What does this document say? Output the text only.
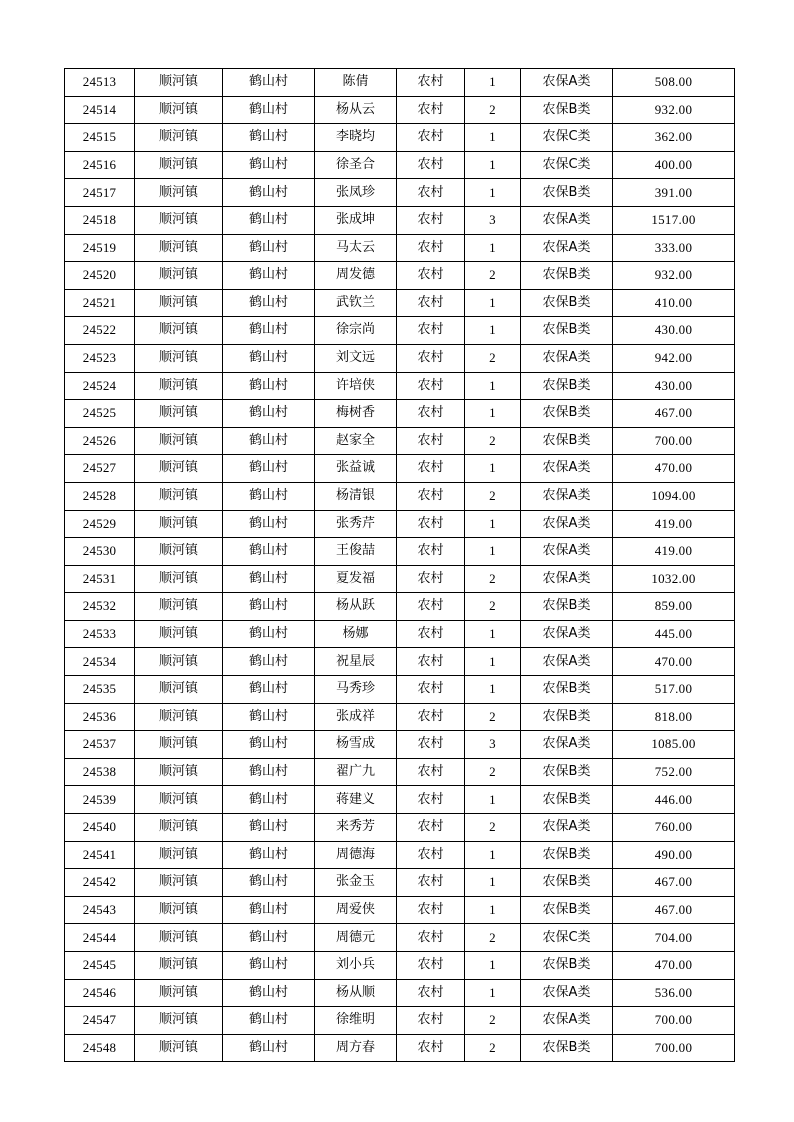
24513	顺河镇	鹤山村	陈倩	农村	1	农保A类	508.00
24514	顺河镇	鹤山村	杨从云	农村	2	农保B类	932.00
24515	顺河镇	鹤山村	李晓均	农村	1	农保C类	362.00
24516	顺河镇	鹤山村	徐圣合	农村	1	农保C类	400.00
24517	顺河镇	鹤山村	张凤珍	农村	1	农保B类	391.00
24518	顺河镇	鹤山村	张成坤	农村	3	农保A类	1517.00
24519	顺河镇	鹤山村	马太云	农村	1	农保A类	333.00
24520	顺河镇	鹤山村	周发德	农村	2	农保B类	932.00
24521	顺河镇	鹤山村	武钦兰	农村	1	农保B类	410.00
24522	顺河镇	鹤山村	徐宗尚	农村	1	农保B类	430.00
24523	顺河镇	鹤山村	刘文远	农村	2	农保A类	942.00
24524	顺河镇	鹤山村	许培侠	农村	1	农保B类	430.00
24525	顺河镇	鹤山村	梅树香	农村	1	农保B类	467.00
24526	顺河镇	鹤山村	赵家全	农村	2	农保B类	700.00
24527	顺河镇	鹤山村	张益诚	农村	1	农保A类	470.00
24528	顺河镇	鹤山村	杨清银	农村	2	农保A类	1094.00
24529	顺河镇	鹤山村	张秀芹	农村	1	农保A类	419.00
24530	顺河镇	鹤山村	王俊喆	农村	1	农保A类	419.00
24531	顺河镇	鹤山村	夏发福	农村	2	农保A类	1032.00
24532	顺河镇	鹤山村	杨从跃	农村	2	农保B类	859.00
24533	顺河镇	鹤山村	杨娜	农村	1	农保A类	445.00
24534	顺河镇	鹤山村	祝星辰	农村	1	农保A类	470.00
24535	顺河镇	鹤山村	马秀珍	农村	1	农保B类	517.00
24536	顺河镇	鹤山村	张成祥	农村	2	农保B类	818.00
24537	顺河镇	鹤山村	杨雪成	农村	3	农保A类	1085.00
24538	顺河镇	鹤山村	翟广九	农村	2	农保B类	752.00
24539	顺河镇	鹤山村	蒋建义	农村	1	农保B类	446.00
24540	顺河镇	鹤山村	来秀芳	农村	2	农保A类	760.00
24541	顺河镇	鹤山村	周德海	农村	1	农保B类	490.00
24542	顺河镇	鹤山村	张金玉	农村	1	农保B类	467.00
24543	顺河镇	鹤山村	周爱侠	农村	1	农保B类	467.00
24544	顺河镇	鹤山村	周德元	农村	2	农保C类	704.00
24545	顺河镇	鹤山村	刘小兵	农村	1	农保B类	470.00
24546	顺河镇	鹤山村	杨从顺	农村	1	农保A类	536.00
24547	顺河镇	鹤山村	徐维明	农村	2	农保A类	700.00
24548	顺河镇	鹤山村	周方春	农村	2	农保B类	700.00
